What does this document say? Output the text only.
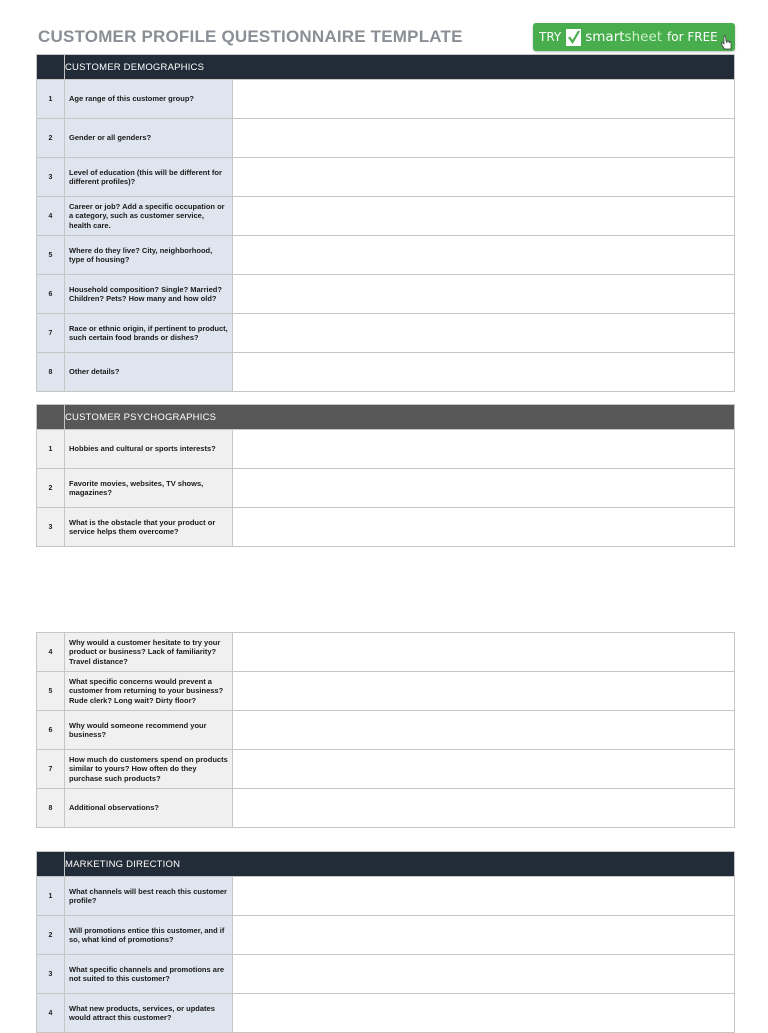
CUSTOMER PROFILE QUESTIONNAIRE TEMPLATE	TRY smartsheet for FREE
	CUSTOMER DEMOGRAPHICS	
1	Age range of this customer group?	
2	Gender or all genders?	
3	Level of education (this will be different for different profiles)?	
4	Career or job? Add a specific occupation or a category, such as customer service, health care.	
5	Where do they live? City, neighborhood, type of housing?	
6	Household composition? Single? Married? Children? Pets? How many and how old?	
7	Race or ethnic origin, if pertinent to product, such certain food brands or dishes?	
8	Other details?	
	CUSTOMER PSYCHOGRAPHICS	
1	Hobbies and cultural or sports interests?	
2	Favorite movies, websites, TV shows, magazines?	
3	What is the obstacle that your product or service helps them overcome?	
4	Why would a customer hesitate to try your product or business? Lack of familiarity? Travel distance?	
5	What specific concerns would prevent a customer from returning to your business? Rude clerk? Long wait? Dirty floor?	
6	Why would someone recommend your business?	
7	How much do customers spend on products similar to yours? How often do they purchase such products?	
8	Additional observations?	
	MARKETING DIRECTION	
1	What channels will best reach this customer profile?	
2	Will promotions entice this customer, and if so, what kind of promotions?	
3	What specific channels and promotions are not suited to this customer?	
4	What new products, services, or updates would attract this customer?	
